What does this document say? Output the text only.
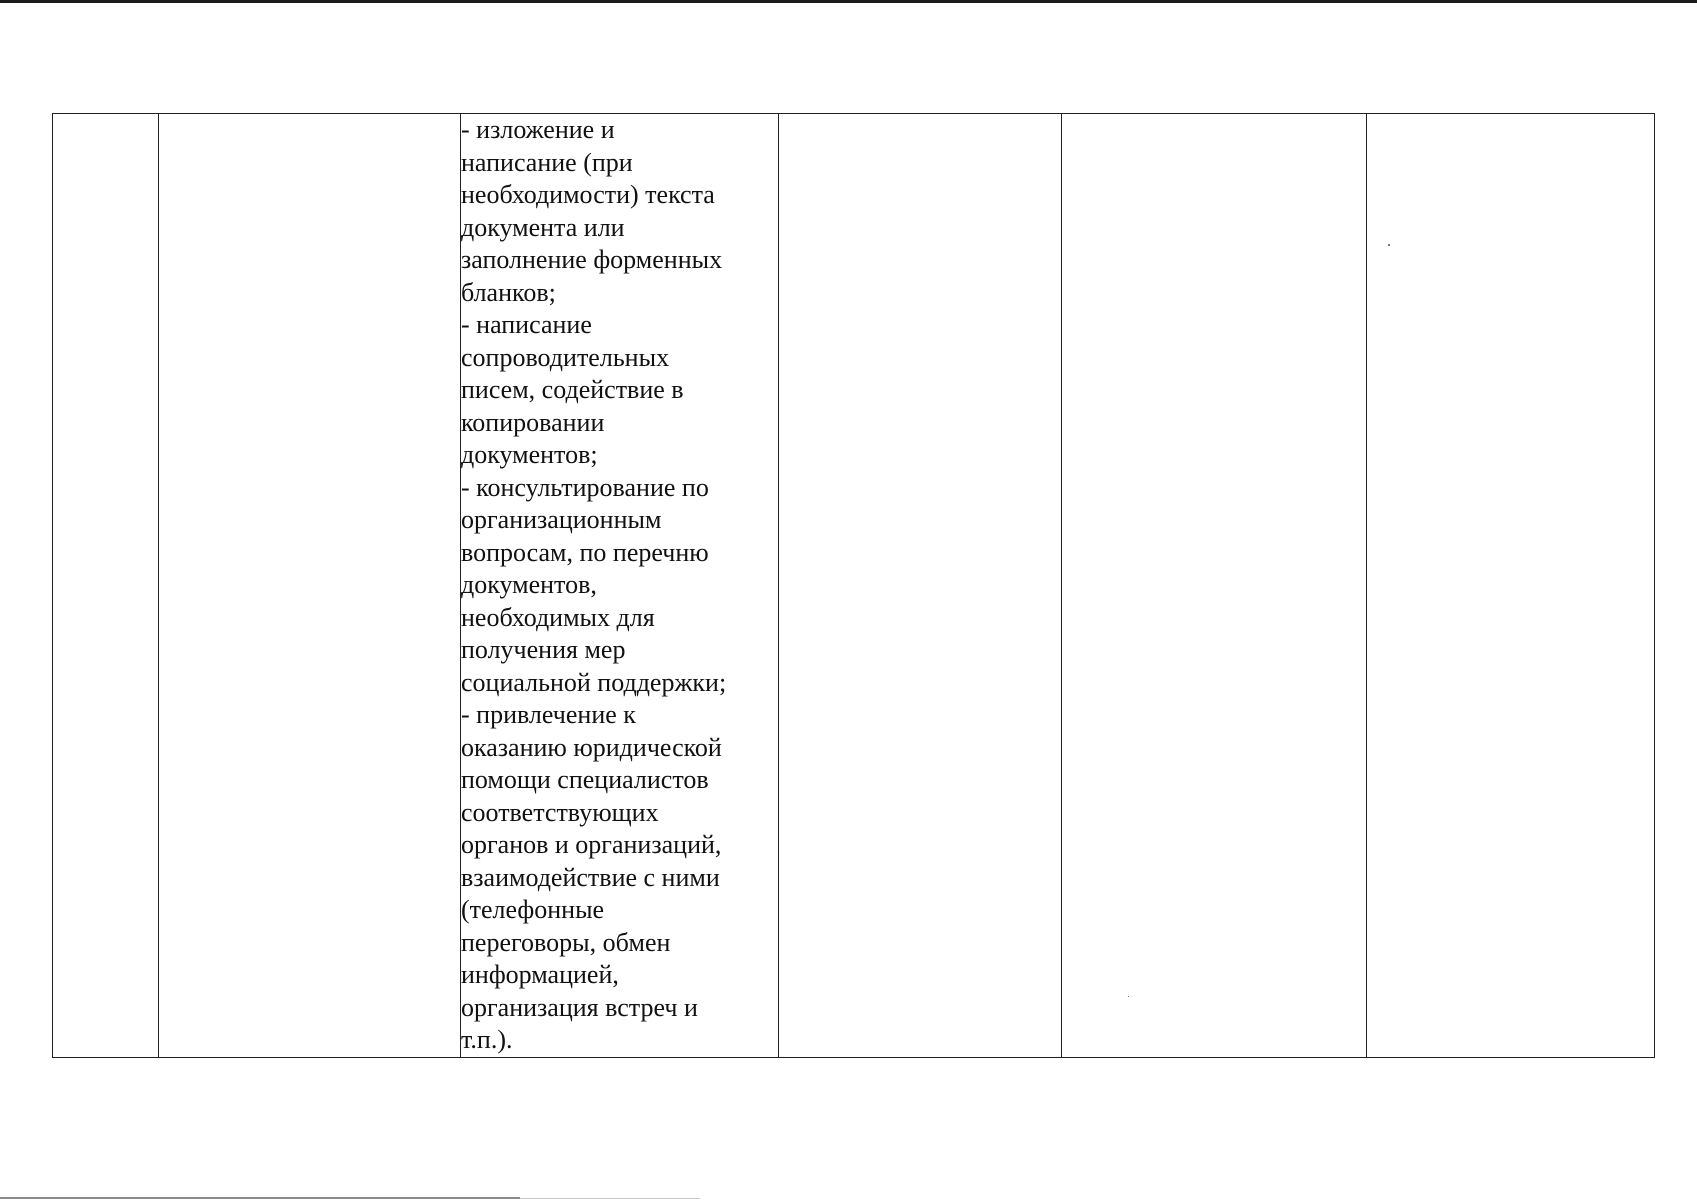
- изложение и
написание (при
необходимости) текста
документа или
заполнение форменных
бланков;
- написание
сопроводительных
писем, содействие в
копировании
документов;
- консультирование по
организационным
вопросам, по перечню
документов,
необходимых для
получения мер
социальной поддержки;
- привлечение к
оказанию юридической
помощи специалистов
соответствующих
органов и организаций,
взаимодействие с ними
(телефонные
переговоры, обмен
информацией,
организация встреч и
т.п.).
